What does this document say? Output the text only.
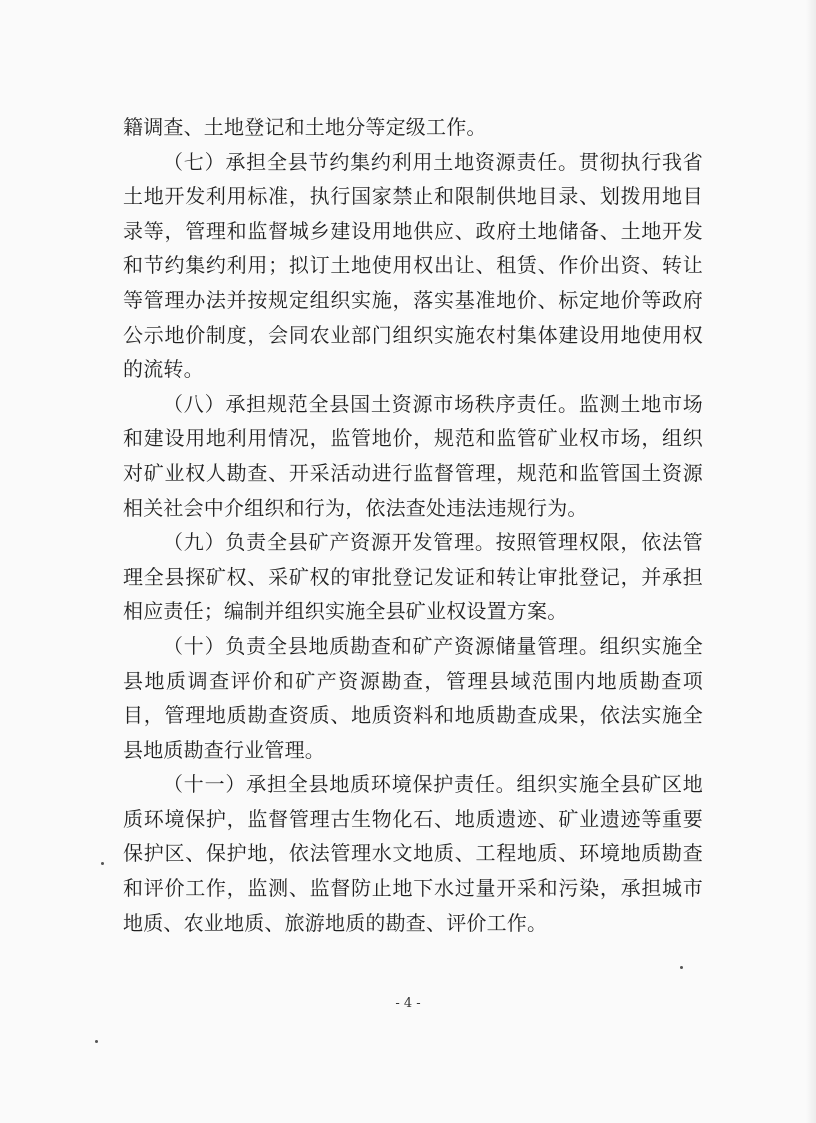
籍调查、土地登记和土地分等定级工作。

（七）承担全县节约集约利用土地资源责任。贯彻执行我省土地开发利用标准，执行国家禁止和限制供地目录、划拨用地目录等，管理和监督城乡建设用地供应、政府土地储备、土地开发和节约集约利用；拟订土地使用权出让、租赁、作价出资、转让等管理办法并按规定组织实施，落实基准地价、标定地价等政府公示地价制度，会同农业部门组织实施农村集体建设用地使用权的流转。

（八）承担规范全县国土资源市场秩序责任。监测土地市场和建设用地利用情况，监管地价，规范和监管矿业权市场，组织对矿业权人勘查、开采活动进行监督管理，规范和监管国土资源相关社会中介组织和行为，依法查处违法违规行为。

（九）负责全县矿产资源开发管理。按照管理权限，依法管理全县探矿权、采矿权的审批登记发证和转让审批登记，并承担相应责任；编制并组织实施全县矿业权设置方案。

（十）负责全县地质勘查和矿产资源储量管理。组织实施全县地质调查评价和矿产资源勘查，管理县域范围内地质勘查项目，管理地质勘查资质、地质资料和地质勘查成果，依法实施全县地质勘查行业管理。

（十一）承担全县地质环境保护责任。组织实施全县矿区地质环境保护，监督管理古生物化石、地质遗迹、矿业遗迹等重要保护区、保护地，依法管理水文地质、工程地质、环境地质勘查和评价工作，监测、监督防止地下水过量开采和污染，承担城市地质、农业地质、旅游地质的勘查、评价工作。

- 4 -
